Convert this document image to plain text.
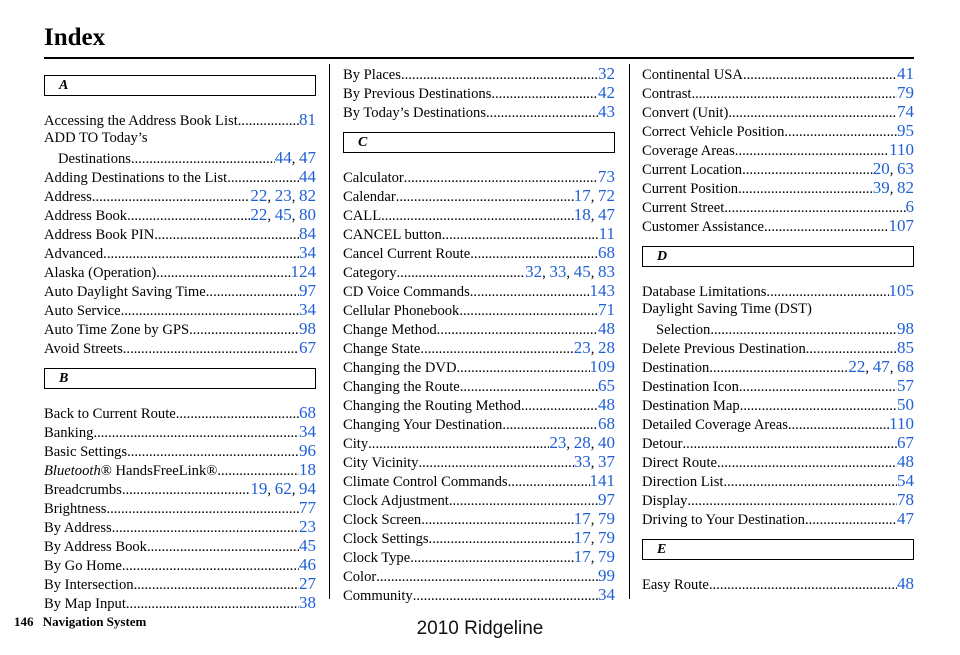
Index
A
Accessing the Address Book List .....	81
ADD TO Today’s
Destinations .....	44, 47
Adding Destinations to the List .....	44
Address .....	22, 23, 82
Address Book .....	22, 45, 80
Address Book PIN .....	84
Advanced .....	34
Alaska (Operation) .....	124
Auto Daylight Saving Time .....	97
Auto Service .....	34
Auto Time Zone by GPS .....	98
Avoid Streets .....	67
B
Back to Current Route .....	68
Banking .....	34
Basic Settings .....	96
Bluetooth® HandsFreeLink® .....	18
Breadcrumbs .....	19, 62, 94
Brightness .....	77
By Address .....	23
By Address Book .....	45
By Go Home .....	46
By Intersection .....	27
By Map Input .....	38
By Places .....	32
By Previous Destinations .....	42
By Today’s Destinations .....	43
C
Calculator .....	73
Calendar .....	17, 72
CALL .....	18, 47
CANCEL button .....	11
Cancel Current Route .....	68
Category .....	32, 33, 45, 83
CD Voice Commands .....	143
Cellular Phonebook .....	71
Change Method .....	48
Change State .....	23, 28
Changing the DVD .....	109
Changing the Route .....	65
Changing the Routing Method .....	48
Changing Your Destination .....	68
City .....	23, 28, 40
City Vicinity .....	33, 37
Climate Control Commands .....	141
Clock Adjustment .....	97
Clock Screen .....	17, 79
Clock Settings .....	17, 79
Clock Type .....	17, 79
Color .....	99
Community .....	34
Continental USA .....	41
Contrast .....	79
Convert (Unit) .....	74
Correct Vehicle Position .....	95
Coverage Areas .....	110
Current Location .....	20, 63
Current Position .....	39, 82
Current Street .....	6
Customer Assistance .....	107
D
Database Limitations .....	105
Daylight Saving Time (DST)
Selection .....	98
Delete Previous Destination .....	85
Destination .....	22, 47, 68
Destination Icon .....	57
Destination Map .....	50
Detailed Coverage Areas .....	110
Detour .....	67
Direct Route .....	48
Direction List .....	54
Display .....	78
Driving to Your Destination .....	47
E
Easy Route .....	48
146 Navigation System	2010 Ridgeline
